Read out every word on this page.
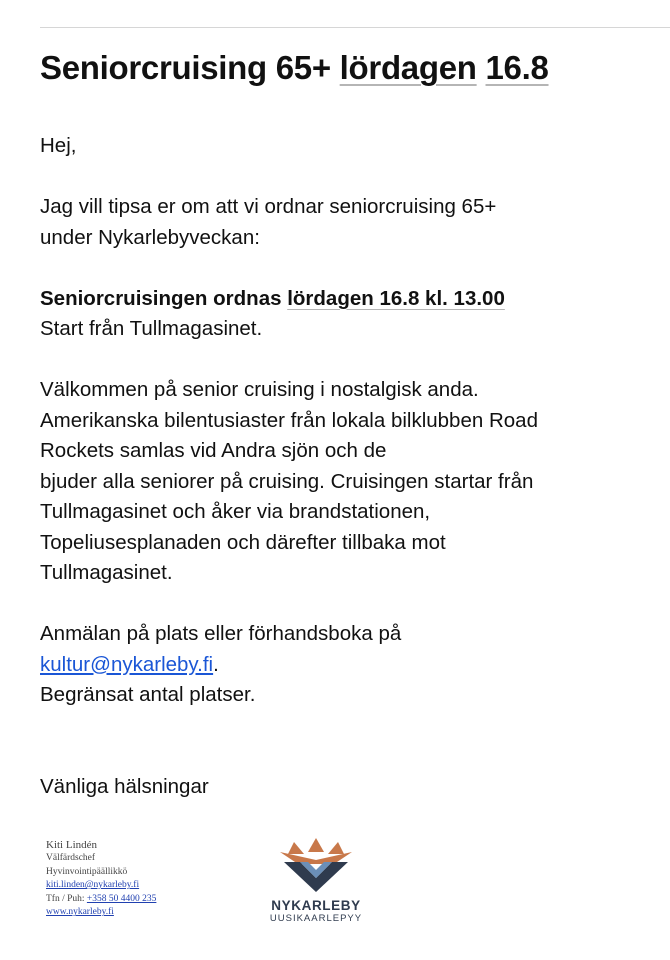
Seniorcruising 65+ lördagen 16.8

Hej,

Jag vill tipsa er om att vi ordnar seniorcruising 65+

under Nykarlebyveckan:

Seniorcruisingen ordnas lördagen 16.8 kl. 13.00

Start från Tullmagasinet.

Välkommen på senior cruising i nostalgisk anda.

Amerikanska bilentusiaster från lokala bilklubben Road

Rockets samlas vid Andra sjön och de

bjuder alla seniorer på cruising. Cruisingen startar från

Tullmagasinet och åker via brandstationen,

Topeliusesplanaden och därefter tillbaka mot

Tullmagasinet.

Anmälan på plats eller förhandsboka på

kultur@nykarleby.fi.

Begränsat antal platser.

Vänliga hälsningar

Kiti Lindén
Välfärdschef
Hyvinvointipäällikkö
kiti.linden@nykarleby.fi
Tfn / Puh: +358 50 4400 235
www.nykarleby.fi	NYKARLEBY
UUSIKAARLEPYY
